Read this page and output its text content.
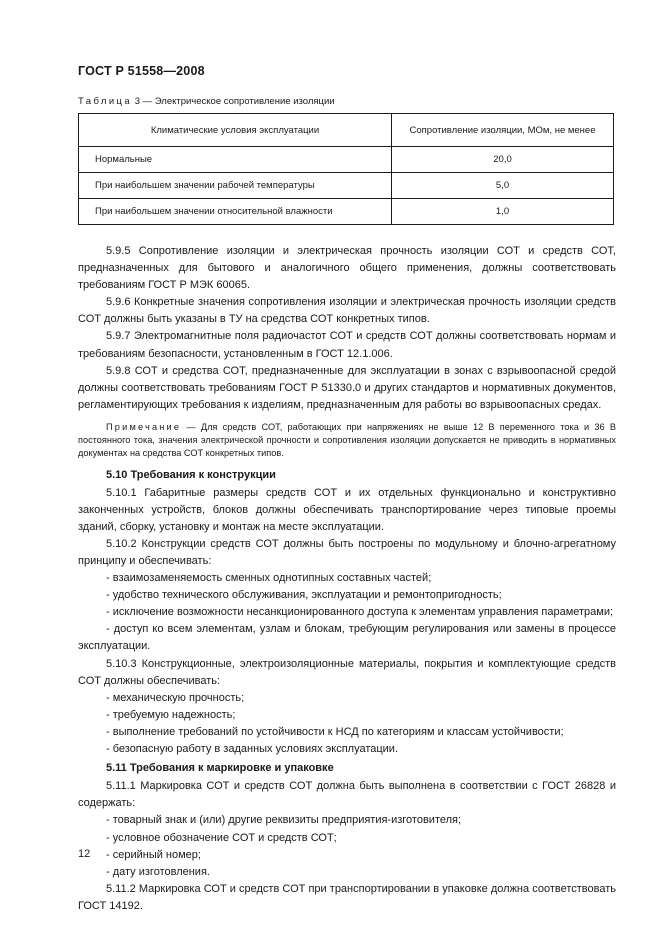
ГОСТ Р 51558—2008
Таблица 3 — Электрическое сопротивление изоляции
Климатические условия эксплуатации	Сопротивление изоляции, МОм, не менее
Нормальные	20,0
При наибольшем значении рабочей температуры	5,0
При наибольшем значении относительной влажности	1,0

5.9.5 Сопротивление изоляции и электрическая прочность изоляции СОТ и средств СОТ, предназначенных для бытового и аналогичного общего применения, должны соответствовать требованиям ГОСТ Р МЭК 60065.

5.9.6 Конкретные значения сопротивления изоляции и электрическая прочность изоляции средств СОТ должны быть указаны в ТУ на средства СОТ конкретных типов.

5.9.7 Электромагнитные поля радиочастот СОТ и средств СОТ должны соответствовать нормам и требованиям безопасности, установленным в ГОСТ 12.1.006.

5.9.8 СОТ и средства СОТ, предназначенные для эксплуатации в зонах с взрывоопасной средой должны соответствовать требованиям ГОСТ Р 51330.0 и других стандартов и нормативных документов, регламентирующих требования к изделиям, предназначенным для работы во взрывоопасных средах.

Примечание — Для средств СОТ, работающих при напряжениях не выше 12 В переменного тока и 36 В постоянного тока, значения электрической прочности и сопротивления изоляции допускается не приводить в нормативных документах на средства СОТ конкретных типов.

5.10 Требования к конструкции

5.10.1 Габаритные размеры средств СОТ и их отдельных функционально и конструктивно законченных устройств, блоков должны обеспечивать транспортирование через типовые проемы зданий, сборку, установку и монтаж на месте эксплуатации.

5.10.2 Конструкции средств СОТ должны быть построены по модульному и блочно-агрегатному принципу и обеспечивать:

- взаимозаменяемость сменных однотипных составных частей;

- удобство технического обслуживания, эксплуатации и ремонтопригодность;

- исключение возможности несанкционированного доступа к элементам управления параметрами;

- доступ ко всем элементам, узлам и блокам, требующим регулирования или замены в процессе эксплуатации.

5.10.3 Конструкционные, электроизоляционные материалы, покрытия и комплектующие средств СОТ должны обеспечивать:

- механическую прочность;

- требуемую надежность;

- выполнение требований по устойчивости к НСД по категориям и классам устойчивости;

- безопасную работу в заданных условиях эксплуатации.

5.11 Требования к маркировке и упаковке

5.11.1 Маркировка СОТ и средств СОТ должна быть выполнена в соответствии с ГОСТ 26828 и содержать:

- товарный знак и (или) другие реквизиты предприятия-изготовителя;

- условное обозначение СОТ и средств СОТ;

- серийный номер;

- дату изготовления.

5.11.2 Маркировка СОТ и средств СОТ при транспортировании в упаковке должна соответствовать ГОСТ 14192.

12
